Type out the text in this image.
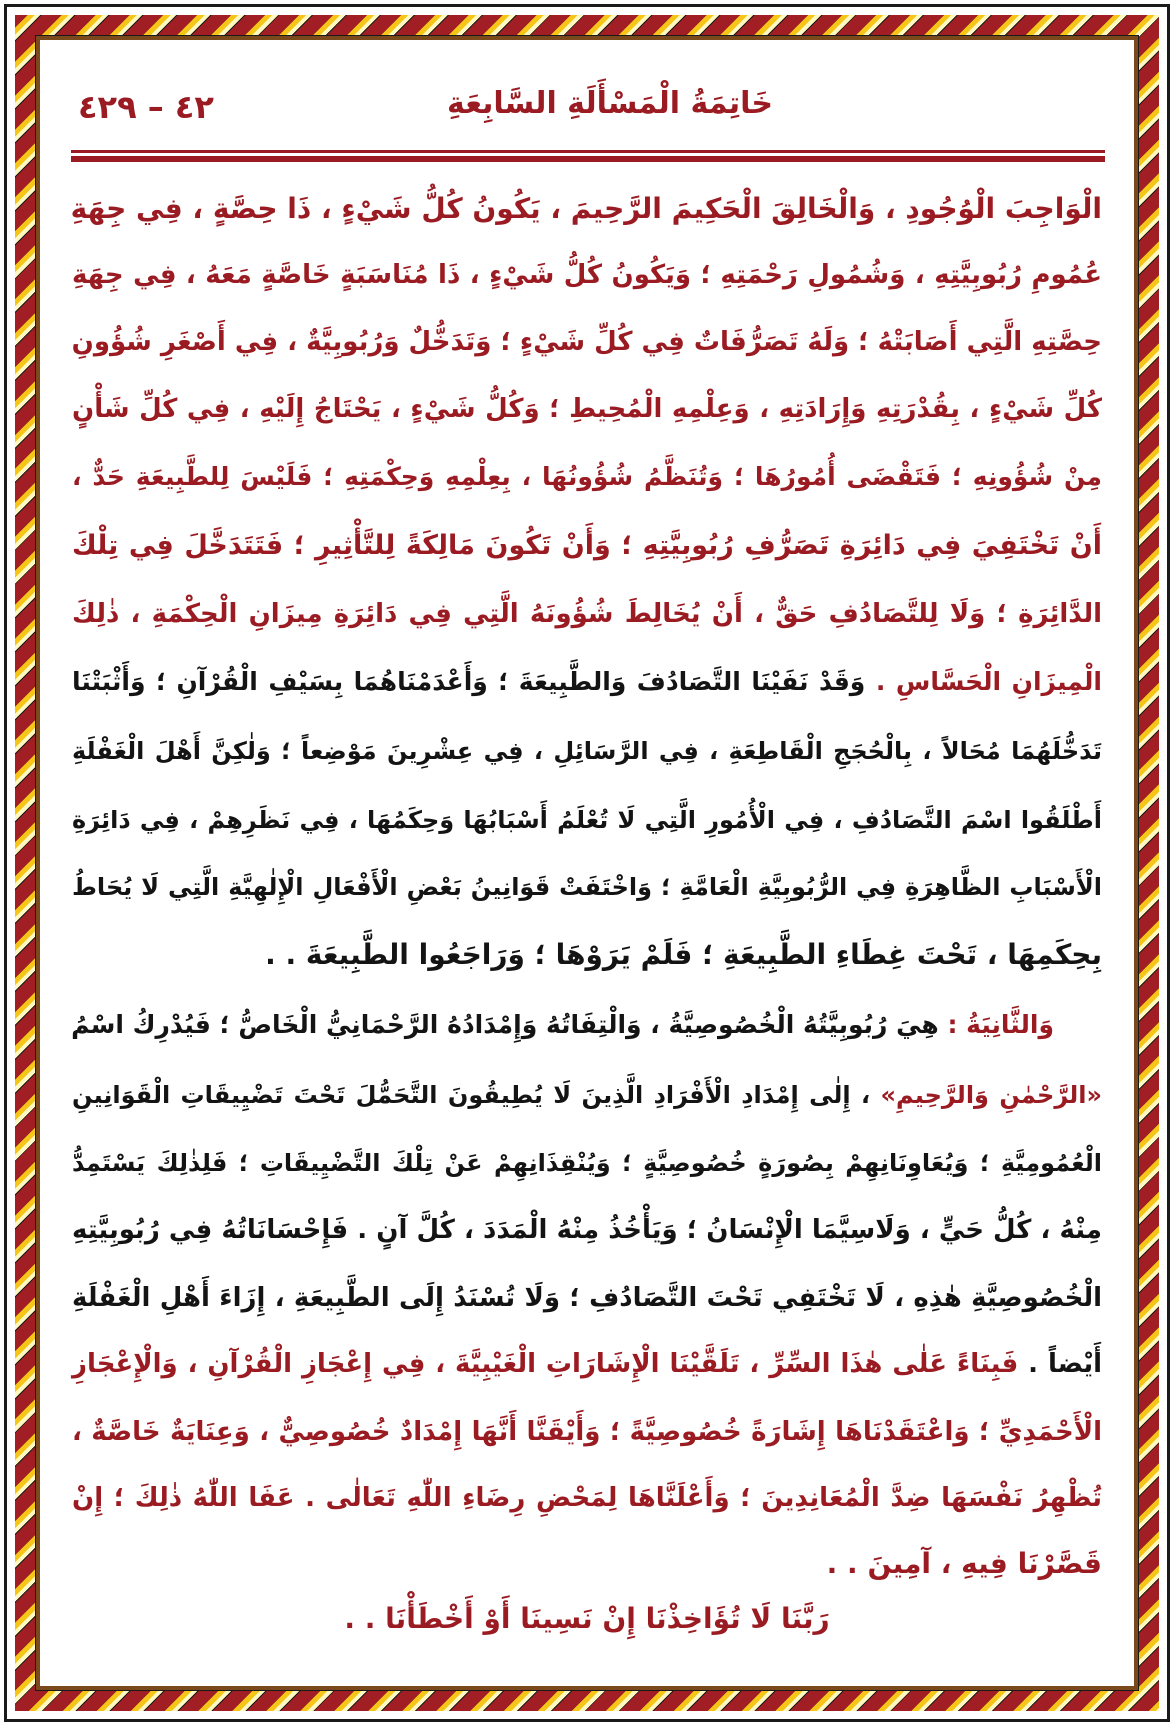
٤٢ – ٤٢٩	خَاتِمَةُ الْمَسْأَلَةِ السَّابِعَةِ
الْوَاجِبَ الْوُجُودِ ، وَالْخَالِقَ الْحَكِيمَ الرَّحِيمَ ، يَكُونُ كُلُّ شَيْءٍ ، ذَا حِصَّةٍ ، فِي جِهَةِ
عُمُومِ رُبُوبِيَّتِهِ ، وَشُمُولِ رَحْمَتِهِ ؛ وَيَكُونُ كُلُّ شَيْءٍ ، ذَا مُنَاسَبَةٍ خَاصَّةٍ مَعَهُ ، فِي جِهَةِ
حِصَّتِهِ الَّتِي أَصَابَتْهُ ؛ وَلَهُ تَصَرُّفَاتٌ فِي كُلِّ شَيْءٍ ؛ وَتَدَخُّلٌ وَرُبُوبِيَّةٌ ، فِي أَصْغَرِ شُؤُونِ
كُلِّ شَيْءٍ ، بِقُدْرَتِهِ وَإِرَادَتِهِ ، وَعِلْمِهِ الْمُحِيطِ ؛ وَكُلُّ شَيْءٍ ، يَحْتَاجُ إِلَيْهِ ، فِي كُلِّ شَأْنٍ
مِنْ شُؤُونِهِ ؛ فَتَقْضَى أُمُورُهَا ؛ وَتُنَظَّمُ شُؤُونُهَا ، بِعِلْمِهِ وَحِكْمَتِهِ ؛ فَلَيْسَ لِلطَّبِيعَةِ حَدٌّ ،
أَنْ تَخْتَفِيَ فِي دَائِرَةِ تَصَرُّفِ رُبُوبِيَّتِهِ ؛ وَأَنْ تَكُونَ مَالِكَةً لِلتَّأْثِيرِ ؛ فَتَتَدَخَّلَ فِي تِلْكَ
الدَّائِرَةِ ؛ وَلَا لِلتَّصَادُفِ حَقٌّ ، أَنْ يُخَالِطَ شُؤُونَهُ الَّتِي فِي دَائِرَةِ مِيزَانِ الْحِكْمَةِ ، ذٰلِكَ
الْمِيزَانِ الْحَسَّاسِ . وَقَدْ نَفَيْنَا التَّصَادُفَ وَالطَّبِيعَةَ ؛ وَأَعْدَمْنَاهُمَا بِسَيْفِ الْقُرْآنِ ؛ وَأَثْبَتْنَا
تَدَخُّلَهُمَا مُحَالاً ، بِالْحُجَجِ الْقَاطِعَةِ ، فِي الرَّسَائِلِ ، فِي عِشْرِينَ مَوْضِعاً ؛ وَلٰكِنَّ أَهْلَ الْغَفْلَةِ
أَطْلَقُوا اسْمَ التَّصَادُفِ ، فِي الْأُمُورِ الَّتِي لَا تُعْلَمُ أَسْبَابُهَا وَحِكَمُهَا ، فِي نَظَرِهِمْ ، فِي دَائِرَةِ
الْأَسْبَابِ الظَّاهِرَةِ فِي الرُّبُوبِيَّةِ الْعَامَّةِ ؛ وَاخْتَفَتْ قَوَانِينُ بَعْضِ الْأَفْعَالِ الْإِلٰهِيَّةِ الَّتِي لَا يُحَاطُ
بِحِكَمِهَا ، تَحْتَ غِطَاءِ الطَّبِيعَةِ ؛ فَلَمْ يَرَوْهَا ؛ وَرَاجَعُوا الطَّبِيعَةَ . .
وَالثَّانِيَةُ : هِيَ رُبُوبِيَّتُهُ الْخُصُوصِيَّةُ ، وَالْتِفَاتُهُ وَإِمْدَادُهُ الرَّحْمَانِيُّ الْخَاصُّ ؛ فَيُدْرِكُ اسْمُ
«الرَّحْمٰنِ وَالرَّحِيمِ» ، إِلٰى إِمْدَادِ الْأَفْرَادِ الَّذِينَ لَا يُطِيقُونَ التَّحَمُّلَ تَحْتَ تَضْيِيقَاتِ الْقَوَانِينِ
الْعُمُومِيَّةِ ؛ وَيُعَاوِنَانِهِمْ بِصُورَةٍ خُصُوصِيَّةٍ ؛ وَيُنْقِذَانِهِمْ عَنْ تِلْكَ التَّضْيِيقَاتِ ؛ فَلِذٰلِكَ يَسْتَمِدُّ
مِنْهُ ، كُلُّ حَيٍّ ، وَلَاسِيَّمَا الْإِنْسَانُ ؛ وَيَأْخُذُ مِنْهُ الْمَدَدَ ، كُلَّ آنٍ . فَإِحْسَانَاتُهُ فِي رُبُوبِيَّتِهِ
الْخُصُوصِيَّةِ هٰذِهِ ، لَا تَخْتَفِي تَحْتَ التَّصَادُفِ ؛ وَلَا تُسْنَدُ إِلَى الطَّبِيعَةِ ، إِزَاءَ أَهْلِ الْغَفْلَةِ
أَيْضاً . فَبِنَاءً عَلٰى هٰذَا السِّرِّ ، تَلَقَّيْنَا الْإِشَارَاتِ الْغَيْبِيَّةَ ، فِي إِعْجَازِ الْقُرْآنِ ، وَالْإِعْجَازِ
الْأَحْمَدِيِّ ؛ وَاعْتَقَدْنَاهَا إِشَارَةً خُصُوصِيَّةً ؛ وَأَيْقَنَّا أَنَّهَا إِمْدَادٌ خُصُوصِيٌّ ، وَعِنَايَةٌ خَاصَّةٌ ،
تُظْهِرُ نَفْسَهَا ضِدَّ الْمُعَانِدِينَ ؛ وَأَعْلَنَّاهَا لِمَحْضِ رِضَاءِ اللّٰهِ تَعَالٰى . عَفَا اللّٰهُ ذٰلِكَ ؛ إِنْ
قَصَّرْنَا فِيهِ ، آمِينَ . .
رَبَّنَا لَا تُؤَاخِذْنَا إِنْ نَسِينَا أَوْ أَخْطَأْنَا . .
